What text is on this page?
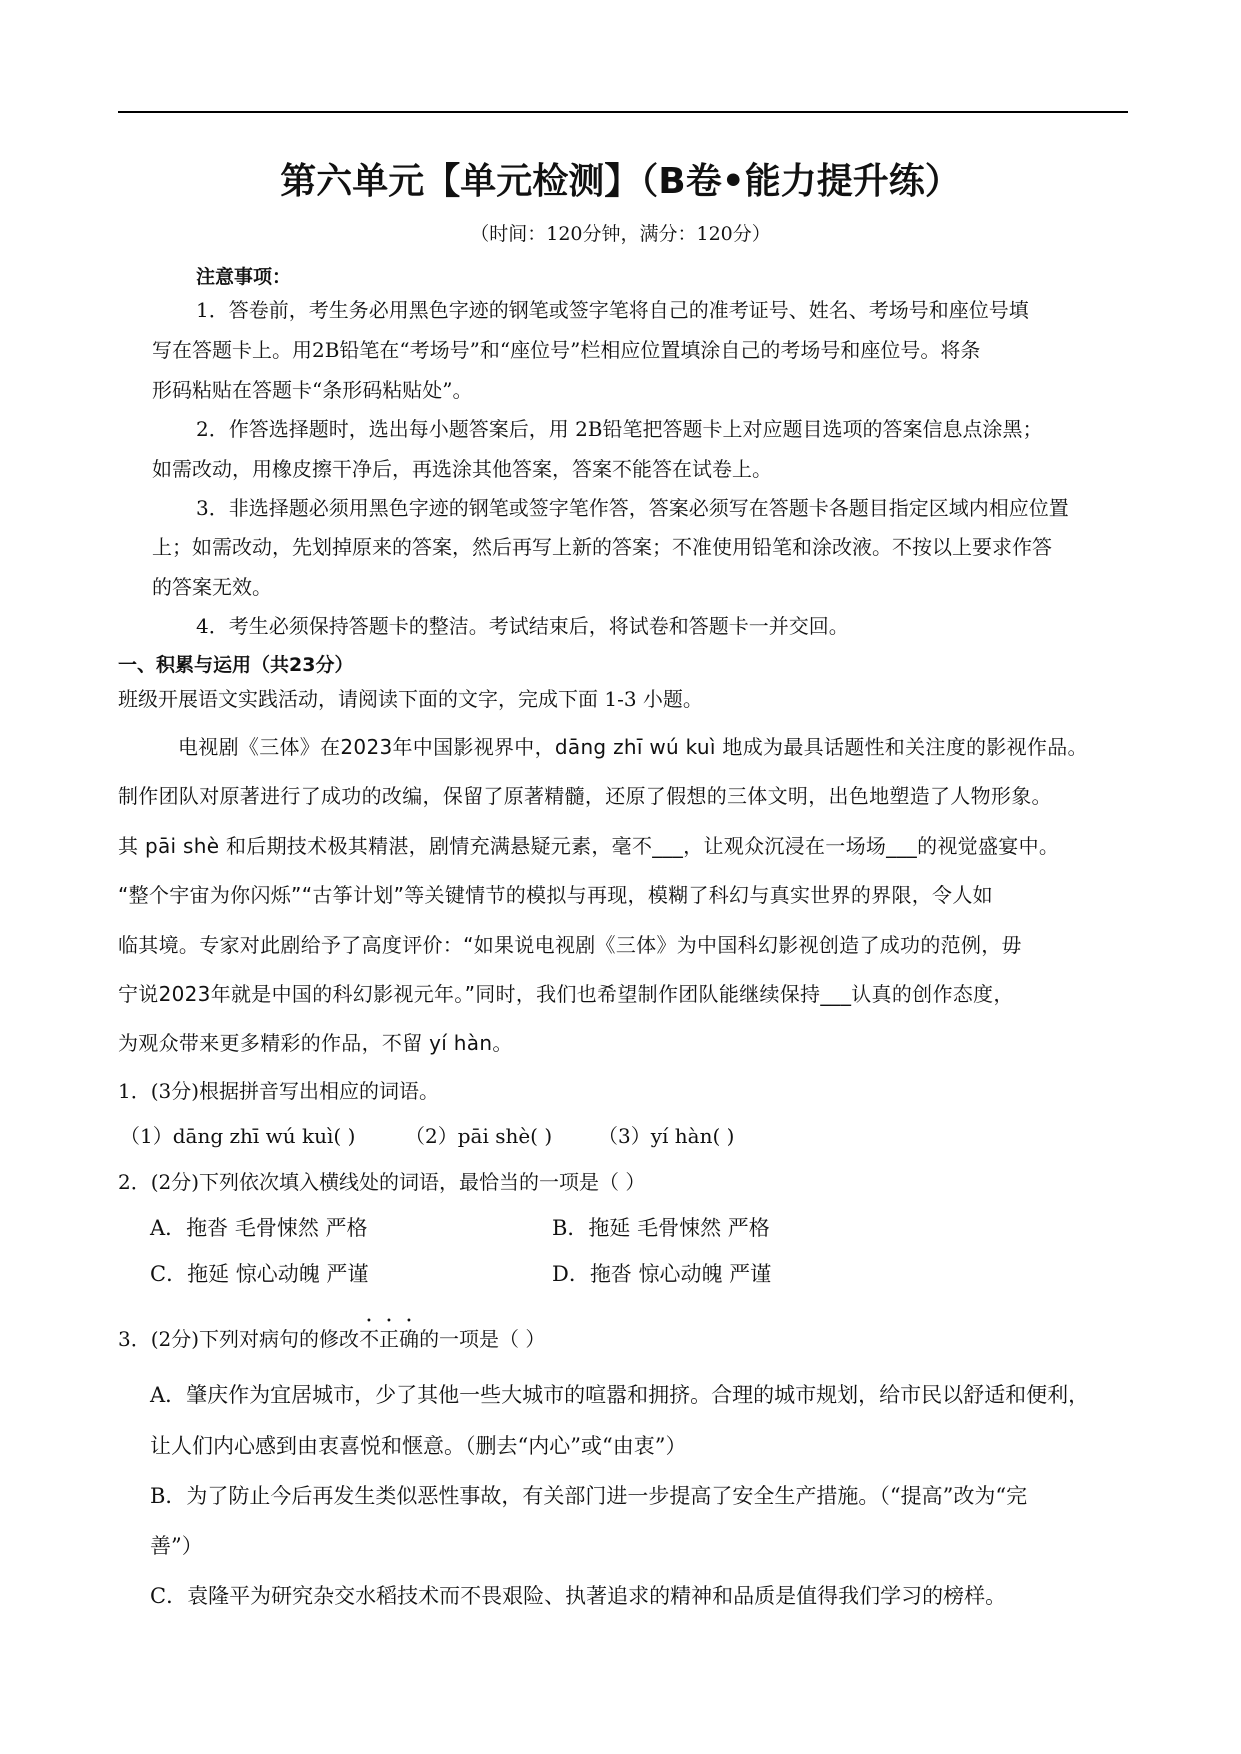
第六单元【单元检测】（B卷•能力提升练）
（时间：120分钟，满分：120分）
注意事项：
1．答卷前，考生务必用黑色字迹的钢笔或签字笔将自己的准考证号、姓名、考场号和座位号填
写在答题卡上。用2B铅笔在“考场号”和“座位号”栏相应位置填涂自己的考场号和座位号。将条
形码粘贴在答题卡“条形码粘贴处”。
2．作答选择题时，选出每小题答案后，用 2B铅笔把答题卡上对应题目选项的答案信息点涂黑；
如需改动，用橡皮擦干净后，再选涂其他答案，答案不能答在试卷上。
3．非选择题必须用黑色字迹的钢笔或签字笔作答，答案必须写在答题卡各题目指定区域内相应位置
上；如需改动，先划掉原来的答案，然后再写上新的答案；不准使用铅笔和涂改液。不按以上要求作答
的答案无效。
4．考生必须保持答题卡的整洁。考试结束后，将试卷和答题卡一并交回。
一、积累与运用（共23分）
班级开展语文实践活动，请阅读下面的文字，完成下面 1-3 小题。
电视剧《三体》在2023年中国影视界中，dāng zhī wú kuì 地成为最具话题性和关注度的影视作品。
制作团队对原著进行了成功的改编，保留了原著精髓，还原了假想的三体文明，出色地塑造了人物形象。
其 pāi shè 和后期技术极其精湛，剧情充满悬疑元素，毫不___，让观众沉浸在一场场___的视觉盛宴中。
“整个宇宙为你闪烁”“古筝计划”等关键情节的模拟与再现，模糊了科幻与真实世界的界限，令人如
临其境。专家对此剧给予了高度评价：“如果说电视剧《三体》为中国科幻影视创造了成功的范例，毋
宁说2023年就是中国的科幻影视元年。”同时，我们也希望制作团队能继续保持___认真的创作态度，
为观众带来更多精彩的作品，不留 yí hàn。
1．(3分)根据拼音写出相应的词语。
（1）dāng zhī wú kuì( ) （2）pāi shè( ) （3）yí hàn( )
2．(2分)下列依次填入横线处的词语，最恰当的一项是（ ）
A．拖沓 毛骨悚然 严格	B．拖延 毛骨悚然 严格
C．拖延 惊心动魄 严谨	D．拖沓 惊心动魄 严谨
3．(2分)下列对病句的修改不正确的一项是（ ）
A．肇庆作为宜居城市，少了其他一些大城市的喧嚣和拥挤。合理的城市规划，给市民以舒适和便利，
让人们内心感到由衷喜悦和惬意。（删去“内心”或“由衷”）
B．为了防止今后再发生类似恶性事故，有关部门进一步提高了安全生产措施。（“提高”改为“完
善”）
C．袁隆平为研究杂交水稻技术而不畏艰险、执著追求的精神和品质是值得我们学习的榜样。
